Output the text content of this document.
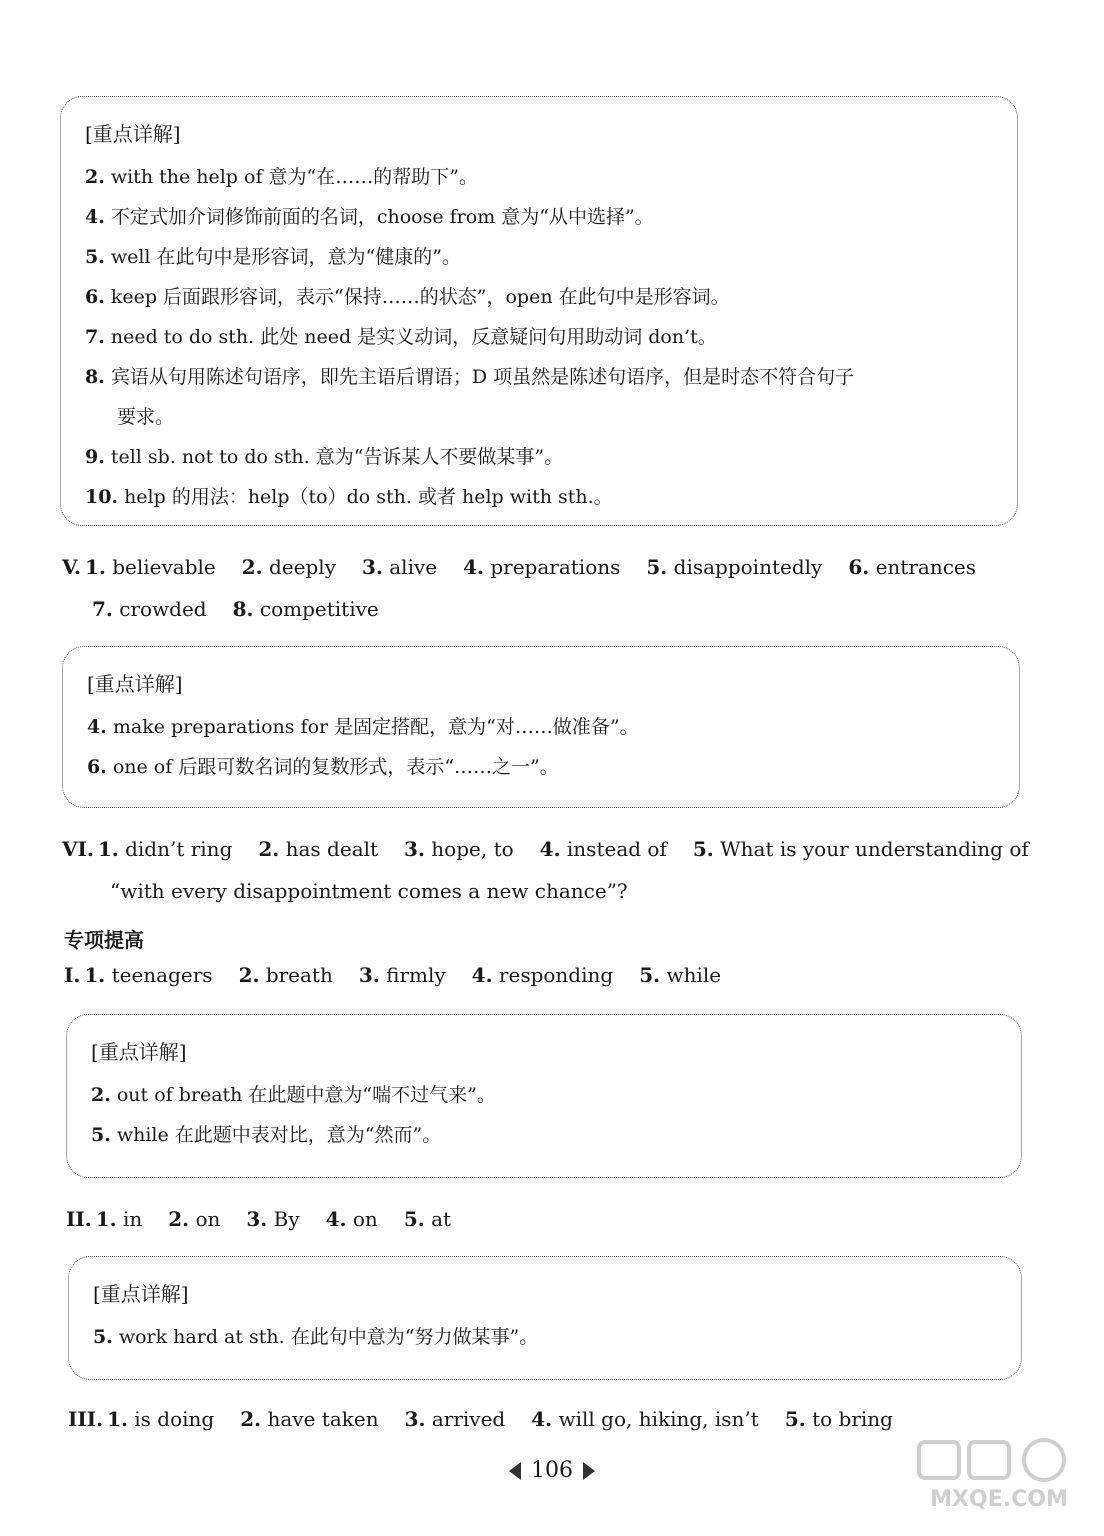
[重点详解]
2. with the help of 意为“在……的帮助下”。
4. 不定式加介词修饰前面的名词，choose from 意为“从中选择”。
5. well 在此句中是形容词，意为“健康的”。
6. keep 后面跟形容词，表示“保持……的状态”，open 在此句中是形容词。
7. need to do sth. 此处 need 是实义动词，反意疑问句用助动词 don’t。
8. 宾语从句用陈述句语序，即先主语后谓语；D 项虽然是陈述句语序，但是时态不符合句子
要求。
9. tell sb. not to do sth. 意为“告诉某人不要做某事”。
10. help 的用法：help（to）do sth. 或者 help with sth.。
V. 1. believable 2. deeply 3. alive 4. preparations 5. disappointedly 6. entrances
7. crowded 8. competitive
[重点详解]
4. make preparations for 是固定搭配，意为“对……做准备”。
6. one of 后跟可数名词的复数形式，表示“……之一”。
VI. 1. didn’t ring 2. has dealt 3. hope, to 4. instead of 5. What is your understanding of
“with every disappointment comes a new chance”?
专项提高
I. 1. teenagers 2. breath 3. firmly 4. responding 5. while
[重点详解]
2. out of breath 在此题中意为“喘不过气来”。
5. while 在此题中表对比，意为“然而”。
II. 1. in 2. on 3. By 4. on 5. at
[重点详解]
5. work hard at sth. 在此句中意为“努力做某事”。
III. 1. is doing 2. have taken 3. arrived 4. will go, hiking, isn’t 5. to bring
106
MXQE.COM
